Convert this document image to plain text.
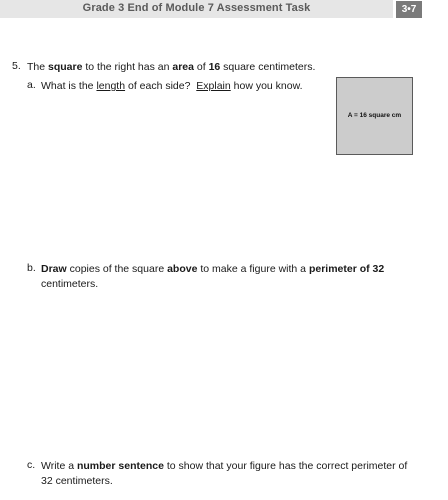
Grade 3 End of Module 7 Assessment Task	3•7
5. The square to the right has an area of 16 square centimeters.
a. What is the length of each side?  Explain how you know.
A = 16 square cm
b. Draw copies of the square above to make a figure with a perimeter of 32
centimeters.
c. Write a number sentence to show that your figure has the correct perimeter of
32 centimeters.
